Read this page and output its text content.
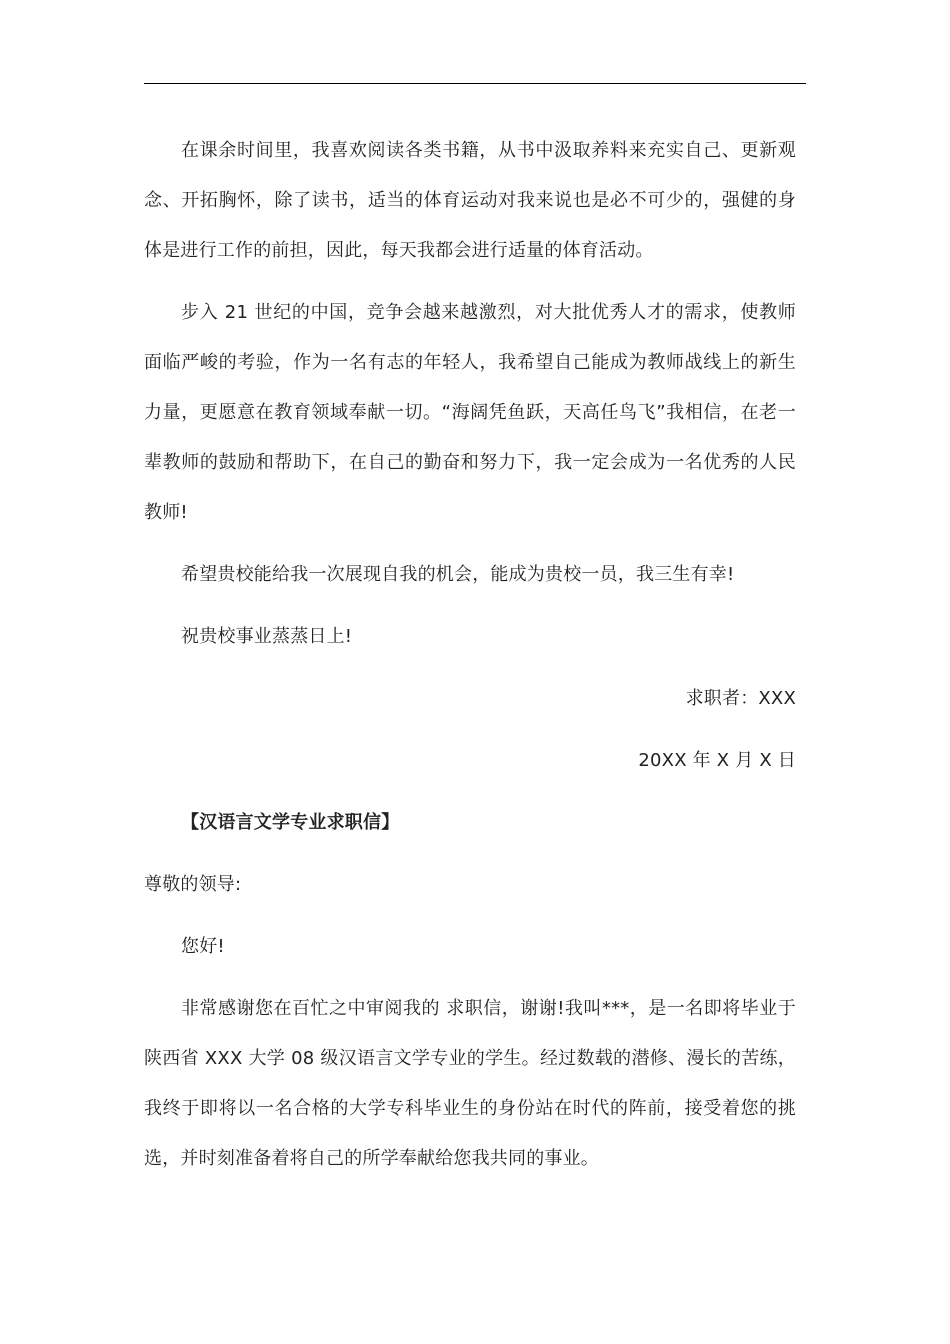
在课余时间里，我喜欢阅读各类书籍，从书中汲取养料来充实自己、更新观念、开拓胸怀，除了读书，适当的体育运动对我来说也是必不可少的，强健的身体是进行工作的前担，因此，每天我都会进行适量的体育活动。

步入 21 世纪的中国，竞争会越来越激烈，对大批优秀人才的需求，使教师面临严峻的考验，作为一名有志的年轻人，我希望自己能成为教师战线上的新生力量，更愿意在教育领域奉献一切。“海阔凭鱼跃，天高任鸟飞”我相信，在老一辈教师的鼓励和帮助下，在自己的勤奋和努力下，我一定会成为一名优秀的人民教师!

希望贵校能给我一次展现自我的机会，能成为贵校一员，我三生有幸!

祝贵校事业蒸蒸日上!

求职者：XXX

20XX 年 X 月 X 日

【汉语言文学专业求职信】

尊敬的领导:

您好!

非常感谢您在百忙之中审阅我的 求职信，谢谢!我叫***，是一名即将毕业于陕西省 XXX 大学 08 级汉语言文学专业的学生。经过数载的潜修、漫长的苦练，我终于即将以一名合格的大学专科毕业生的身份站在时代的阵前，接受着您的挑选，并时刻准备着将自己的所学奉献给您我共同的事业。
